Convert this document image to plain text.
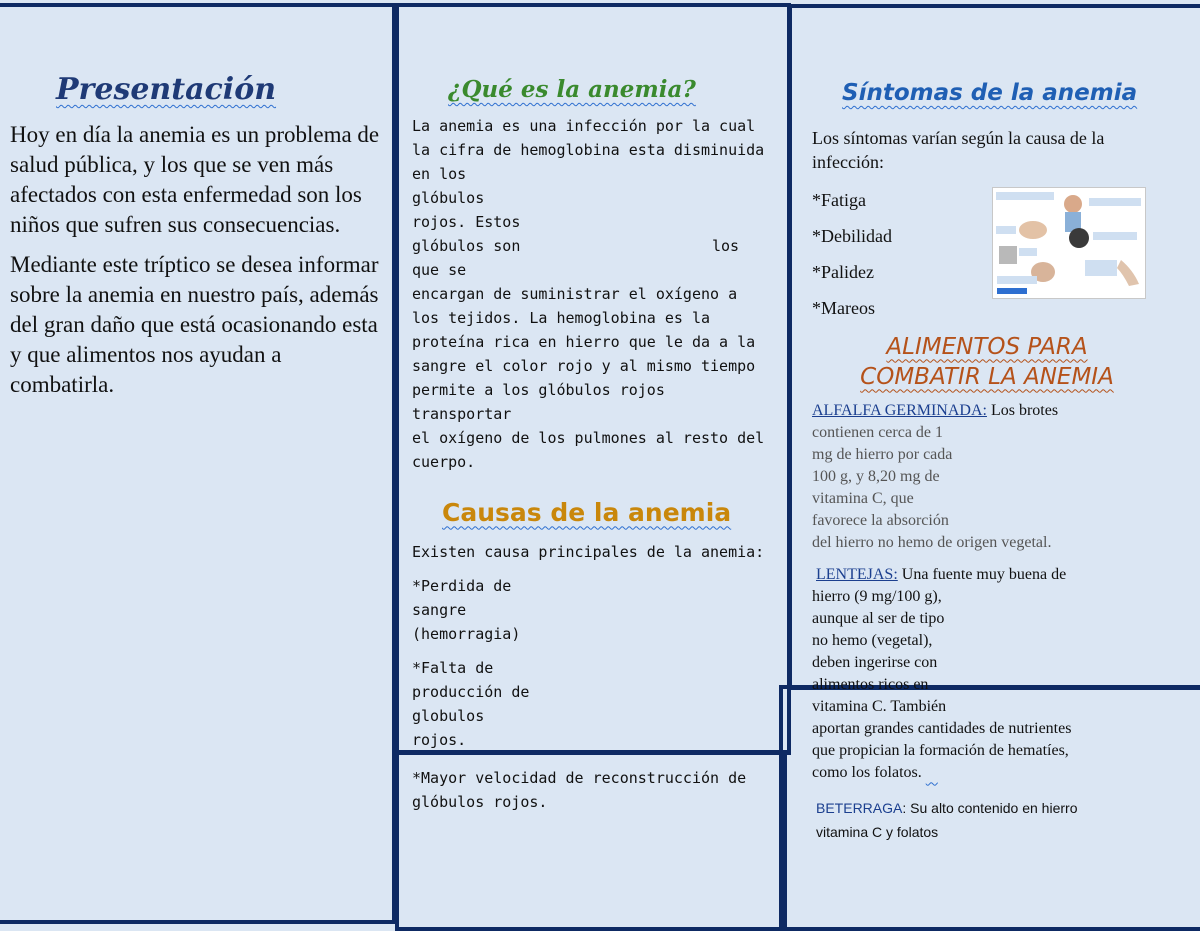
Presentación

Hoy en día la anemia es un problema de salud pública, y los que se ven más afectados con esta enfermedad son los niños que sufren sus consecuencias.

Mediante este tríptico se desea informar sobre la anemia en nuestro país, además del gran daño que está ocasionando esta y que alimentos nos ayudan a combatirla.

¿Qué es la anemia?
La anemia es una infección por la cual
la cifra de hemoglobina esta disminuida
en los
glóbulos
rojos. Estos
glóbulos son	los
que se
encargan de suministrar el oxígeno a
los tejidos. La hemoglobina es la
proteína rica en hierro que le da a la
sangre el color rojo y al mismo tiempo
permite a los glóbulos rojos transportar
el oxígeno de los pulmones al resto del
cuerpo.
Causas de la anemia
Existen causa principales de la anemia:
*Perdida de
sangre
(hemorragia)
*Falta de
producción de
globulos
rojos.
*Mayor velocidad de reconstrucción de
glóbulos rojos.
Síntomas de la anemia
Los síntomas varían según la causa de la infección:
*Fatiga
*Debilidad
*Palidez
*Mareos
ALIMENTOS PARA
COMBATIR LA ANEMIA
ALFALFA GERMINADA: Los brotes
contienen cerca de 1
mg de hierro por cada
100 g, y 8,20 mg de
vitamina C, que
favorece la absorción
del hierro no hemo de origen vegetal.
LENTEJAS: Una fuente muy buena de
hierro (9 mg/100 g),
aunque al ser de tipo
no hemo (vegetal),
deben ingerirse con
alimentos ricos en
vitamina C. También
aportan grandes cantidades de nutrientes
que propician la formación de hematíes,
como los folatos.
BETERRAGA: Su alto contenido en hierro
vitamina C y folatos
